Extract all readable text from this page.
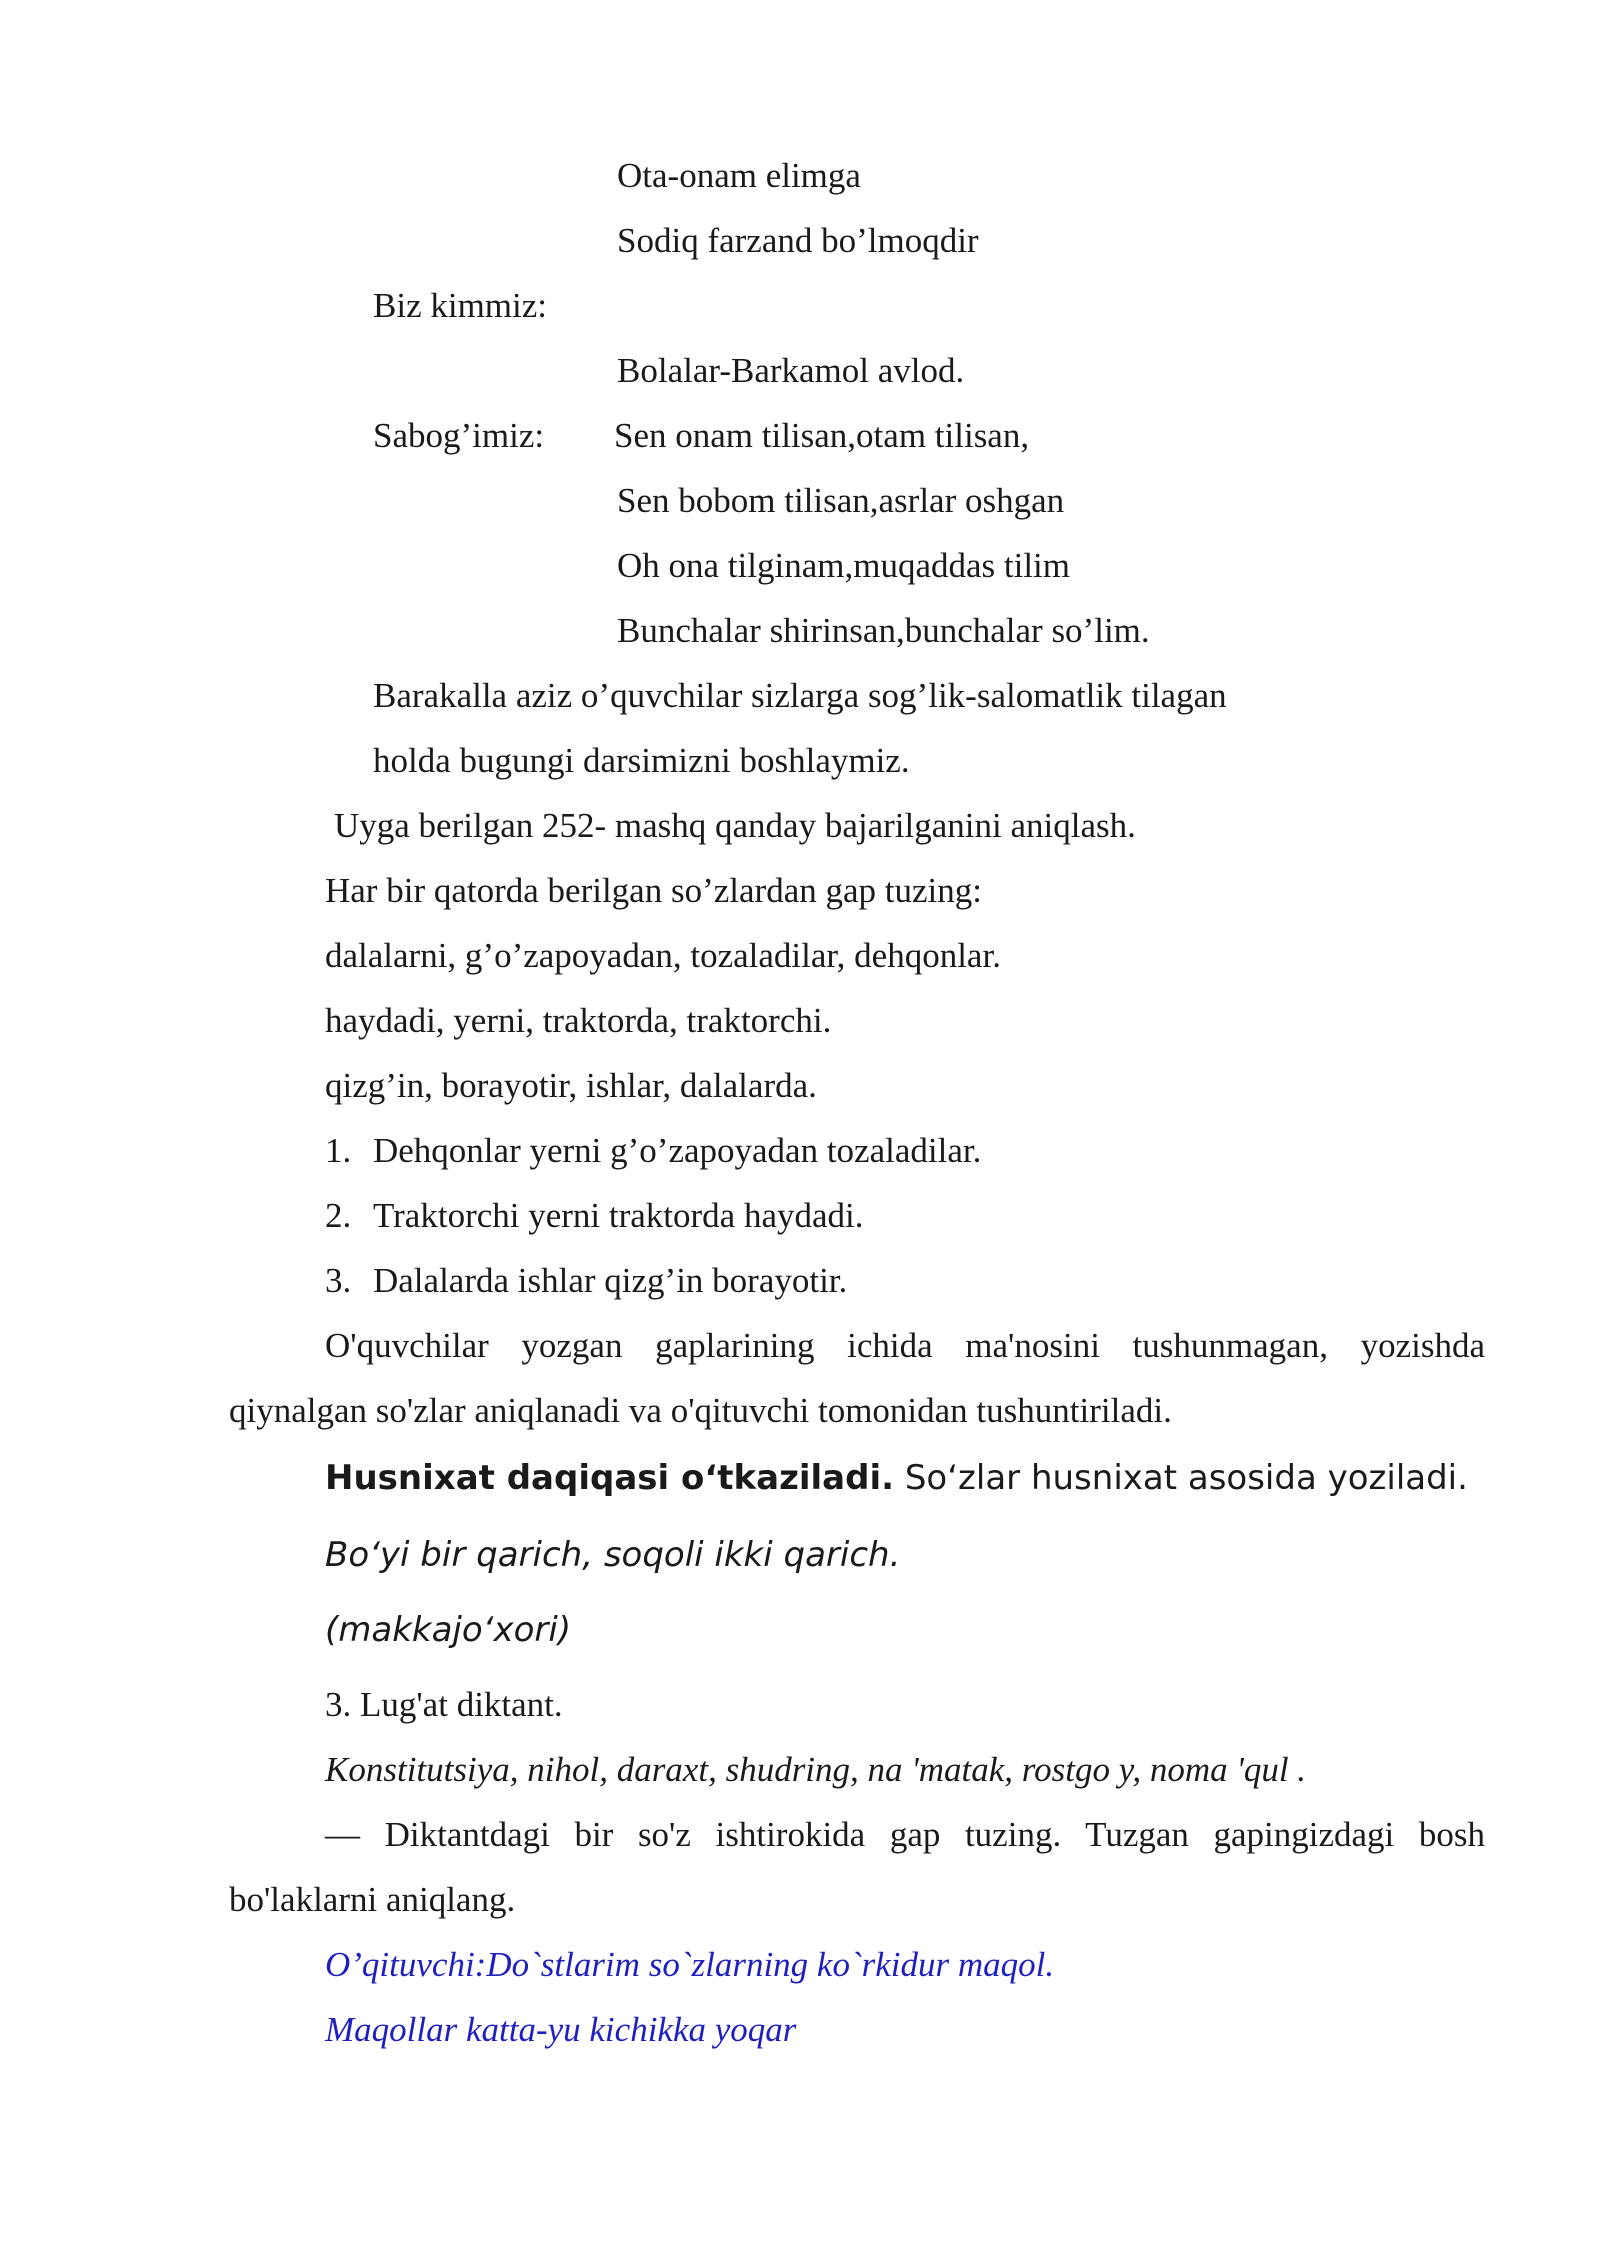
Ota-onam elimga
Sodiq farzand bo’lmoqdir
Biz kimmiz:
Bolalar-Barkamol avlod.
Sabog’imiz: Sen onam tilisan,otam tilisan,
Sen bobom tilisan,asrlar oshgan
Oh ona tilginam,muqaddas tilim
Bunchalar shirinsan,bunchalar so’lim.
Barakalla aziz o’quvchilar sizlarga sog’lik-salomatlik tilagan
holda bugungi darsimizni boshlaymiz.
Uyga berilgan 252- mashq qanday bajarilganini aniqlash.
Har bir qatorda berilgan so’zlardan gap tuzing:
dalalarni, g’o’zapoyadan, tozaladilar, dehqonlar.
haydadi, yerni, traktorda, traktorchi.
qizg’in, borayotir, ishlar, dalalarda.
1. Dehqonlar yerni g’o’zapoyadan tozaladilar.
2. Traktorchi yerni traktorda haydadi.
3. Dalalarda ishlar qizg’in borayotir.
O'quvchilar yozgan gaplarining ichida ma'nosini tushunmagan, yozishda
qiynalgan so'zlar aniqlanadi va o'qituvchi tomonidan tushuntiriladi.
Husnixat daqiqasi o‘tkaziladi. So‘zlar husnixat asosida yoziladi.
Bo‘yi bir qarich, soqoli ikki qarich.
(makkajo‘xori)
3. Lug'at diktant.
Konstitutsiya, nihol, daraxt, shudring, na 'matak, rostgo y, noma 'qul .
— Diktantdagi bir so'z ishtirokida gap tuzing. Tuzgan gapingizdagi bosh
bo'laklarni aniqlang.
O’qituvchi:Do`stlarim so`zlarning ko`rkidur maqol.
Maqollar katta-yu kichikka yoqar
